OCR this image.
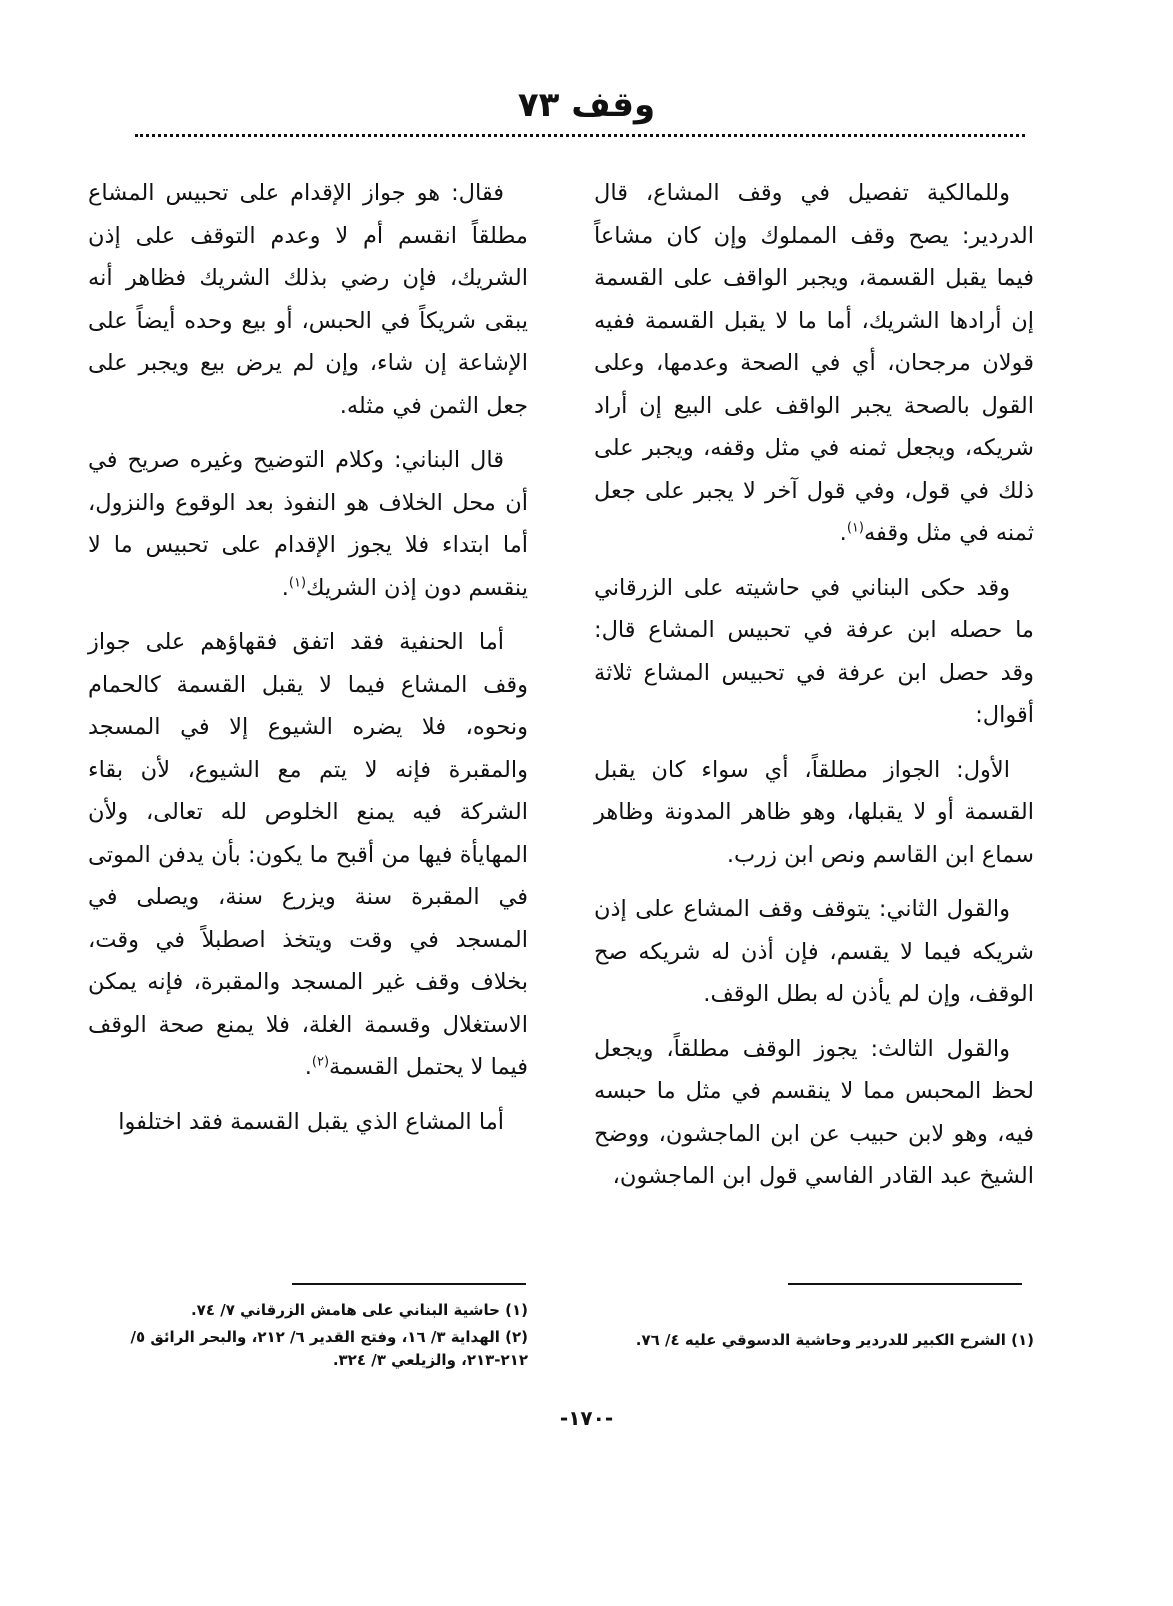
وقف ٧٣

وللمالكية تفصيل في وقف المشاع، قال الدردير: يصح وقف المملوك وإن كان مشاعاً فيما يقبل القسمة، ويجبر الواقف على القسمة إن أرادها الشريك، أما ما لا يقبل القسمة ففيه قولان مرجحان، أي في الصحة وعدمها، وعلى القول بالصحة يجبر الواقف على البيع إن أراد شريكه، ويجعل ثمنه في مثل وقفه، ويجبر على ذلك في قول، وفي قول آخر لا يجبر على جعل ثمنه في مثل وقفه$^{(١)}$.

وقد حكى البناني في حاشيته على الزرقاني ما حصله ابن عرفة في تحبيس المشاع قال: وقد حصل ابن عرفة في تحبيس المشاع ثلاثة أقوال:

الأول: الجواز مطلقاً، أي سواء كان يقبل القسمة أو لا يقبلها، وهو ظاهر المدونة وظاهر سماع ابن القاسم ونص ابن زرب.

والقول الثاني: يتوقف وقف المشاع على إذن شريكه فيما لا يقسم، فإن أذن له شريكه صح الوقف، وإن لم يأذن له بطل الوقف.

والقول الثالث: يجوز الوقف مطلقاً، ويجعل لحظ المحبس مما لا ينقسم في مثل ما حبسه فيه، وهو لابن حبيب عن ابن الماجشون، ووضح الشيخ عبد القادر الفاسي قول ابن الماجشون،

فقال: هو جواز الإقدام على تحبيس المشاع مطلقاً انقسم أم لا وعدم التوقف على إذن الشريك، فإن رضي بذلك الشريك فظاهر أنه يبقى شريكاً في الحبس، أو بيع وحده أيضاً على الإشاعة إن شاء، وإن لم يرض بيع ويجبر على جعل الثمن في مثله.

قال البناني: وكلام التوضيح وغيره صريح في أن محل الخلاف هو النفوذ بعد الوقوع والنزول، أما ابتداء فلا يجوز الإقدام على تحبيس ما لا ينقسم دون إذن الشريك$^{(١)}$.

أما الحنفية فقد اتفق فقهاؤهم على جواز وقف المشاع فيما لا يقبل القسمة كالحمام ونحوه، فلا يضره الشيوع إلا في المسجد والمقبرة فإنه لا يتم مع الشيوع، لأن بقاء الشركة فيه يمنع الخلوص لله تعالى، ولأن المهايأة فيها من أقبح ما يكون: بأن يدفن الموتى في المقبرة سنة ويزرع سنة، ويصلى في المسجد في وقت ويتخذ اصطبلاً في وقت، بخلاف وقف غير المسجد والمقبرة، فإنه يمكن الاستغلال وقسمة الغلة، فلا يمنع صحة الوقف فيما لا يحتمل القسمة$^{(٢)}$.

أما المشاع الذي يقبل القسمة فقد اختلفوا

(١) الشرح الكبير للدردير وحاشية الدسوقي عليه ٤/ ٧٦.
(١) حاشية البناني على هامش الزرقاني ٧/ ٧٤.
(٢) الهداية ٣/ ١٦، وفتح القدير ٦/ ٢١٢، والبحر الرائق ٥/ ٢١٢-٢١٣، والزيلعي ٣/ ٣٢٤.
-١٧٠-
